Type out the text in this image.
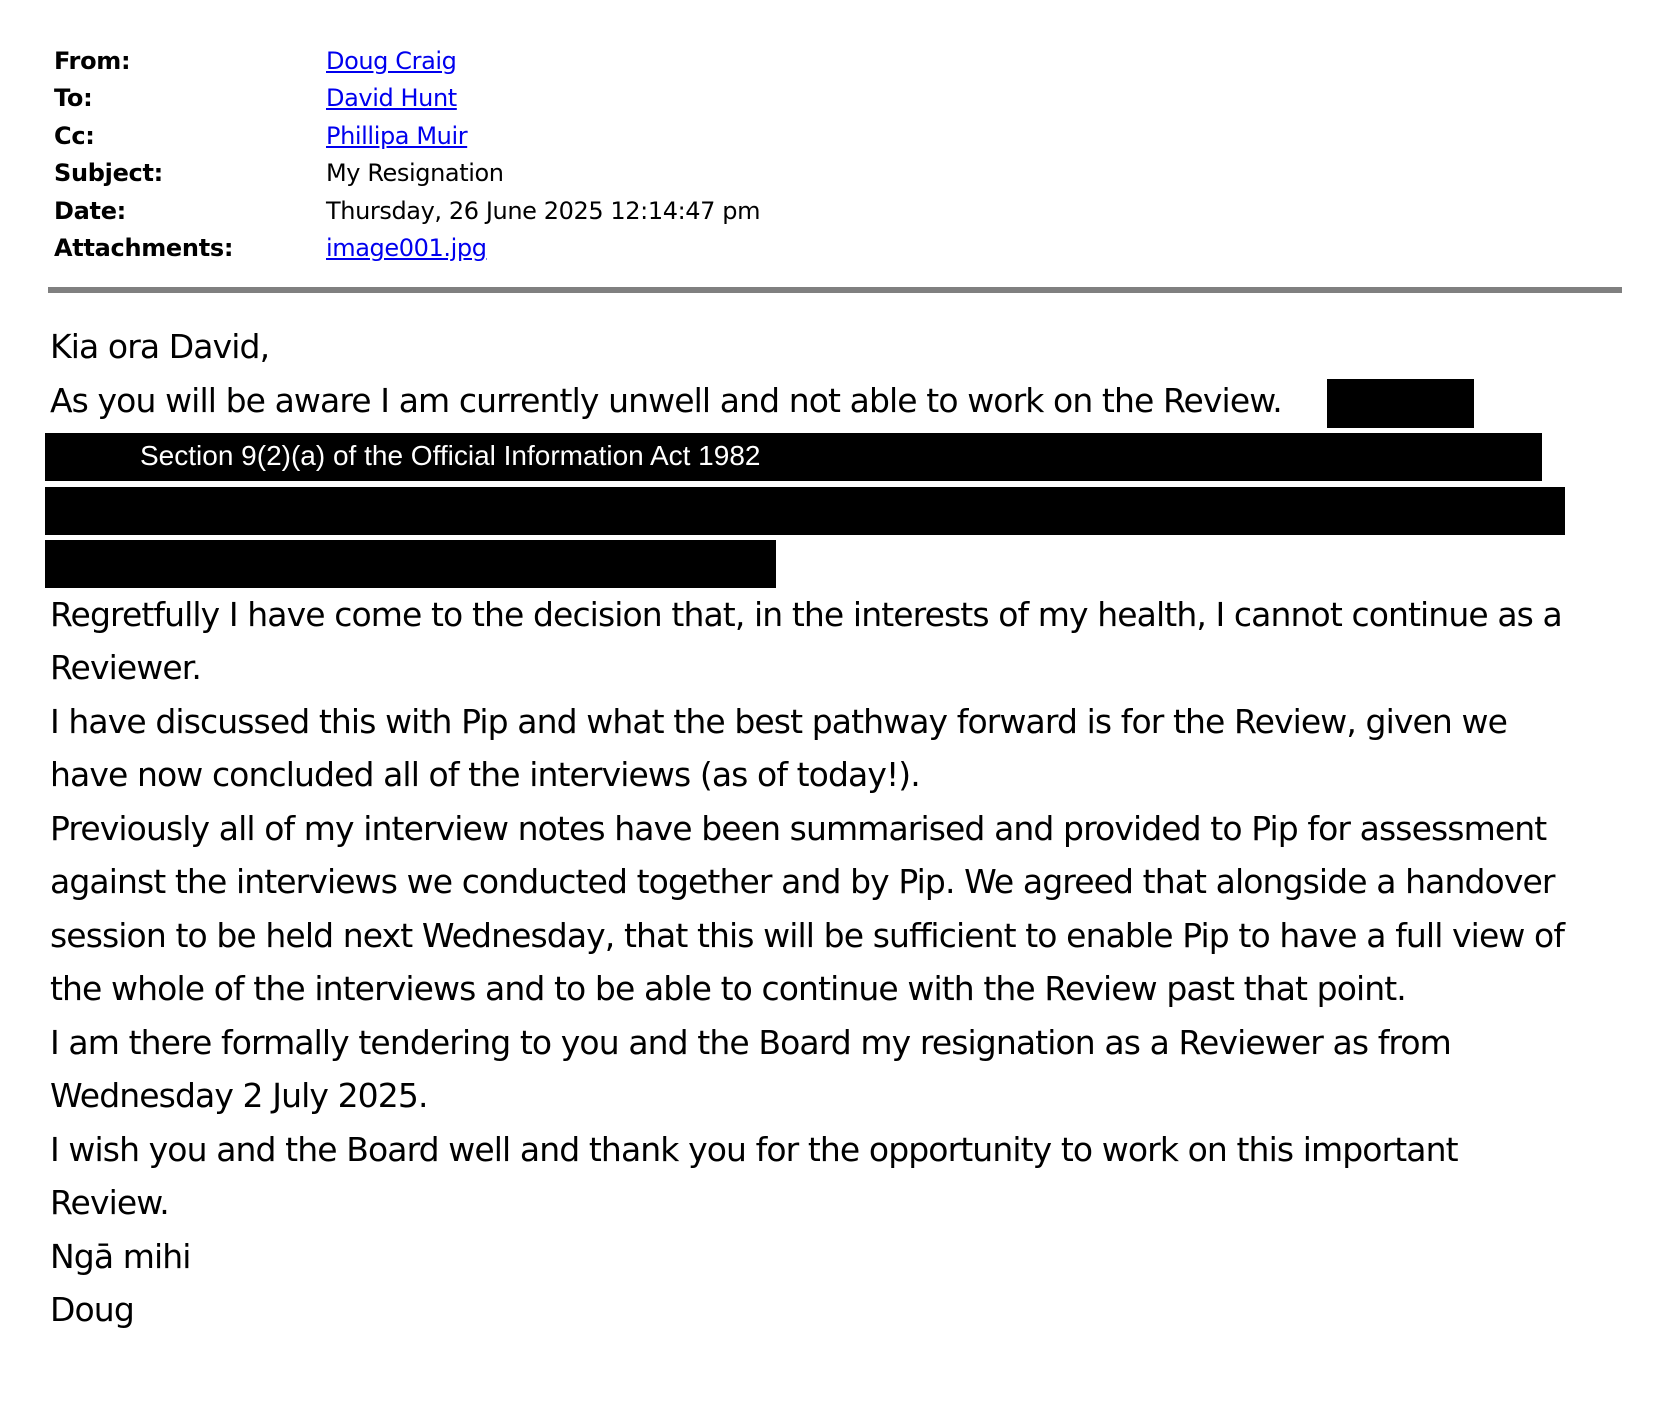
From:	Doug Craig
To:	David Hunt
Cc:	Phillipa Muir
Subject:	My Resignation
Date:	Thursday, 26 June 2025 12:14:47 pm
Attachments:	image001.jpg
Kia ora David,
As you will be aware I am currently unwell and not able to work on the Review.
Regretfully I have come to the decision that, in the interests of my health, I cannot continue as a
Reviewer.
I have discussed this with Pip and what the best pathway forward is for the Review, given we
have now concluded all of the interviews (as of today!).
Previously all of my interview notes have been summarised and provided to Pip for assessment
against the interviews we conducted together and by Pip. We agreed that alongside a handover
session to be held next Wednesday, that this will be sufficient to enable Pip to have a full view of
the whole of the interviews and to be able to continue with the Review past that point.
I am there formally tendering to you and the Board my resignation as a Reviewer as from
Wednesday 2 July 2025.
I wish you and the Board well and thank you for the opportunity to work on this important
Review.
Ngā mihi
Doug
Section 9(2)(a) of the Official Information Act 1982
